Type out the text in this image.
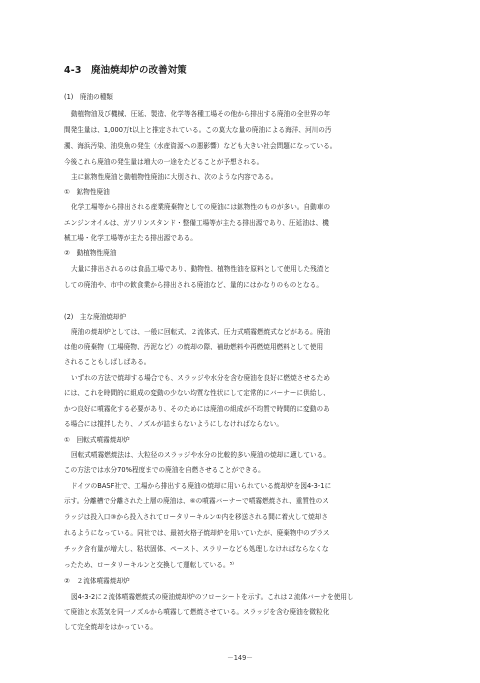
4-3　廃油焼却炉の改善対策
(1)　廃油の種類
動植物油及び機械、圧延、製造、化学等各種工場その他から排出する廃油の全世界の年
間発生量は、1,000万t以上と推定されている。この莫大な量の廃油による海洋、河川の汚
濁、海浜汚染、油臭魚の発生（水産資源への悪影響）なども大きい社会問題になっている。
今後これら廃油の発生量は増大の一途をたどることが予想される。
主に鉱物性廃油と動植物性廃油に大別され、次のような内容である。
①　鉱物性廃油
化学工場等から排出される産業廃棄物としての廃油には鉱物性のものが多い。自動車の
エンジンオイルは、ガソリンスタンド・整備工場等が主たる排出源であり、圧延油は、機
械工場・化学工場等が主たる排出源である。
②　動植物性廃油
大量に排出されるのは食品工場であり、動物性、植物性油を原料として使用した残渣と
しての廃油や、市中の飲食業から排出される廃油など、量的にはかなりのものとなる。
(2)　主な廃油焼却炉
廃油の焼却炉としては、一般に回転式、２流体式、圧力式噴霧燃焼式などがある。廃油
は他の廃棄物（工場廃物、汚泥など）の焼却の際、補助燃料や再燃焼用燃料として使用
されることもしばしばある。
いずれの方法で焼却する場合でも、スラッジや水分を含む廃油を良好に燃焼させるため
には、これを時間的に組成の変動の少ない均質な性状にして定常的にバーナーに供給し、
かつ良好に噴霧化する必要があり、そのためには廃油の組成が不均質で時間的に変動のあ
る場合には撹拌したり、ノズルが詰まらないようにしなければならない。
①　回転式噴霧焼却炉
回転式噴霧燃焼法は、大粒径のスラッジや水分の比較的多い廃油の焼却に適している。
この方法では水分70%程度までの廃油を自燃させることができる。
ドイツのBASF社で、工場から排出する廃油の焼却に用いられている焼却炉を図4-3-1に
示す。分離槽で分離された上層の廃油は、⑥の噴霧バーナーで噴霧燃焼され、重質性のス
ラッジは投入口③から投入されてロータリーキルン①内を移送される間に着火して焼却さ
れるようになっている。同社では、最初火格子焼却炉を用いていたが、廃棄物中のプラス
チック含有量が増大し、粘状固体、ペースト、スラリーなども処理しなければならなくな
ったため、ロータリーキルンと交換して運転している。⁵⁾
②　２流体噴霧焼却炉
図4-3-2に２流体噴霧燃焼式の廃油焼却炉のフローシートを示す。これは２流体バーナを使用し
て廃油と水蒸気を同一ノズルから噴霧して燃焼させている。スラッジを含む廃油を微粒化
して完全焼却をはかっている。
－149－
